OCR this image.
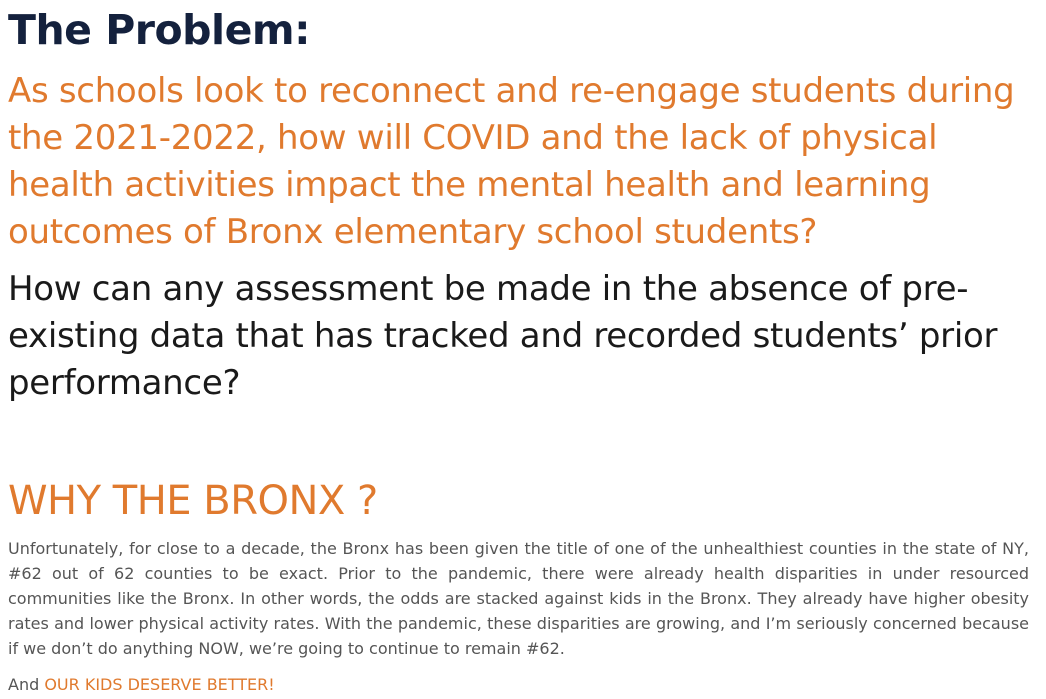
The Problem:

As schools look to reconnect and re-engage students during the 2021-2022, how will COVID and the lack of physical health activities impact the mental health and learning outcomes of Bronx elementary school students?

How can any assessment be made in the absence of pre-existing data that has tracked and recorded students’ prior performance?

WHY THE BRONX ?

Unfortunately, for close to a decade, the Bronx has been given the title of one of the unhealthiest counties in the state of NY, #62 out of 62 counties to be exact. Prior to the pandemic, there were already health disparities in under resourced communities like the Bronx. In other words, the odds are stacked against kids in the Bronx. They already have higher obesity rates and lower physical activity rates. With the pandemic, these disparities are growing, and I’m seriously concerned because if we don’t do anything NOW, we’re going to continue to remain #62.

And OUR KIDS DESERVE BETTER!
